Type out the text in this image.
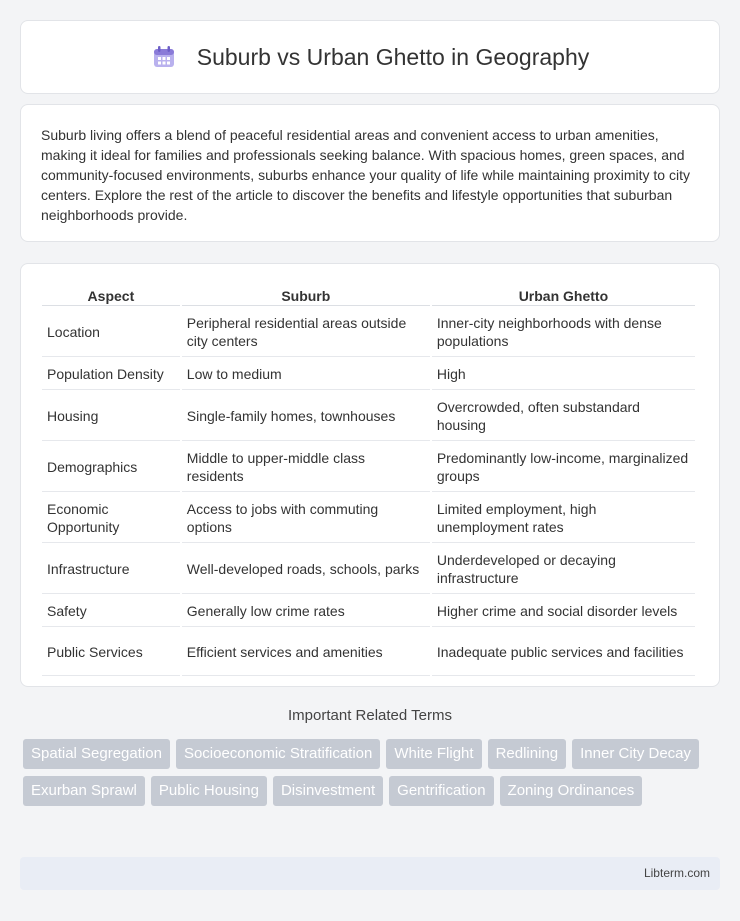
Suburb vs Urban Ghetto in Geography

Suburb living offers a blend of peaceful residential areas and convenient access to urban amenities, making it ideal for families and professionals seeking balance. With spacious homes, green spaces, and community-focused environments, suburbs enhance your quality of life while maintaining proximity to city centers. Explore the rest of the article to discover the benefits and lifestyle opportunities that suburban neighborhoods provide.

Aspect	Suburb	Urban Ghetto
Location	Peripheral residential areas outside city centers	Inner-city neighborhoods with dense populations
Population Density	Low to medium	High
Housing	Single-family homes, townhouses	Overcrowded, often substandard housing
Demographics	Middle to upper-middle class residents	Predominantly low-income, marginalized groups
Economic Opportunity	Access to jobs with commuting options	Limited employment, high unemployment rates
Infrastructure	Well-developed roads, schools, parks	Underdeveloped or decaying infrastructure
Safety	Generally low crime rates	Higher crime and social disorder levels
Public Services	Efficient services and amenities	Inadequate public services and facilities
Important Related Terms
Spatial Segregation	Socioeconomic Stratification	White Flight	Redlining	Inner City Decay
Exurban Sprawl	Public Housing	Disinvestment	Gentrification	Zoning Ordinances
Libterm.com
